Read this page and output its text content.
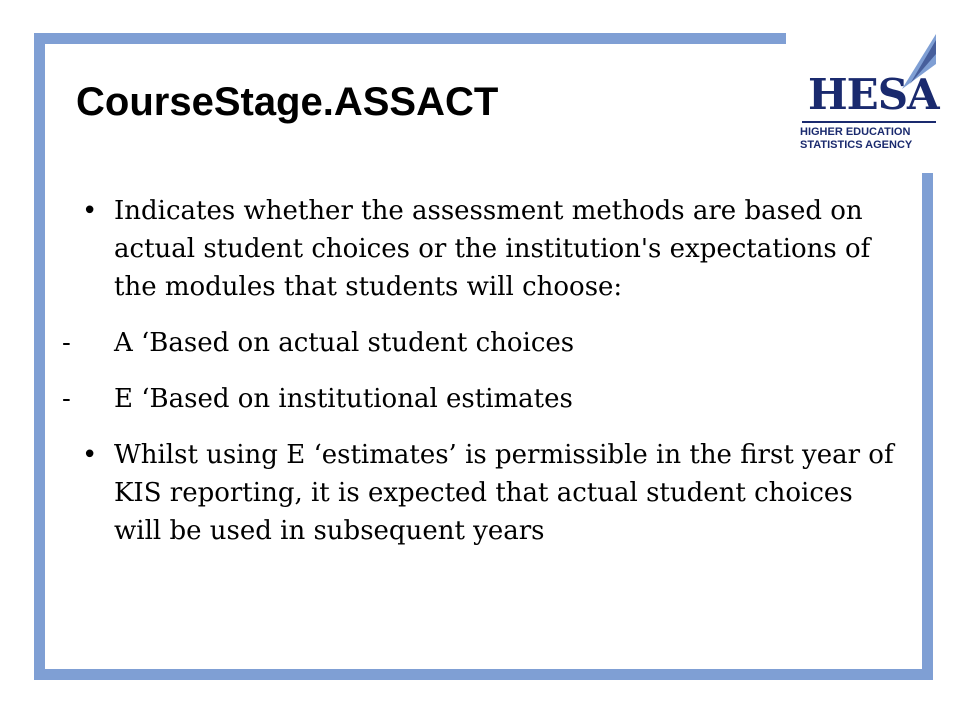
CourseStage.ASSACT

• Indicates whether the assessment methods are based on actual student choices or the institution's expectations of the modules that students will choose:

- A ‘Based on actual student choices

- E ‘Based on institutional estimates

• Whilst using E ‘estimates’ is permissible in the first year of KIS reporting, it is expected that actual student choices will be used in subsequent years

HESA
HIGHER EDUCATION
STATISTICS AGENCY
